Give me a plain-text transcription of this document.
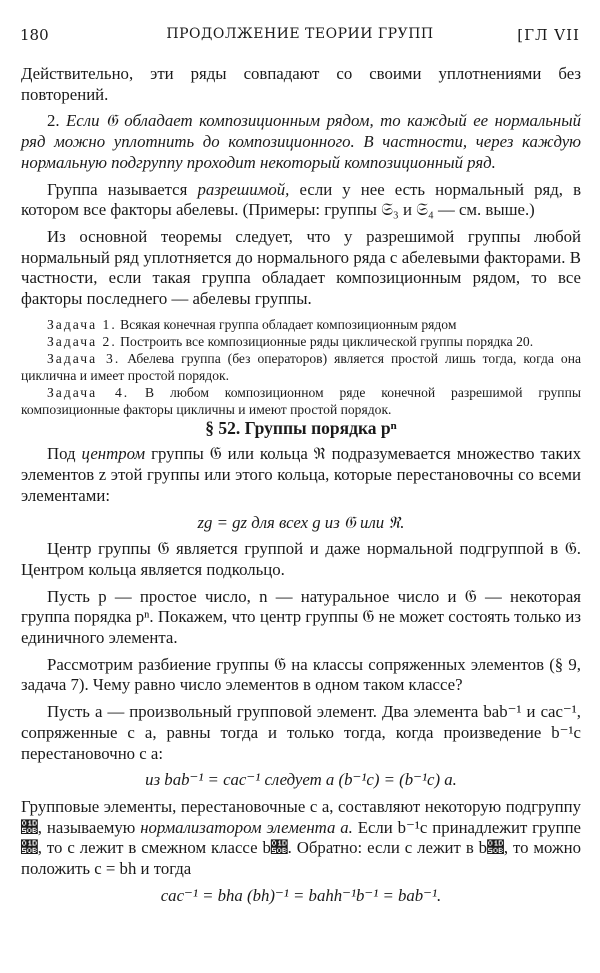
180	ПРОДОЛЖЕНИЕ ТЕОРИИ ГРУПП	[ГЛ VII

Действительно, эти ряды совпадают со своими уплотнениями без повторений.

2. Если 𝔊 обладает композиционным рядом, то каждый ее нормальный ряд можно уплотнить до композиционного. В частности, через каждую нормальную подгруппу проходит некоторый композиционный ряд.

Группа называется разрешимой, если у нее есть нормальный ряд, в котором все факторы абелевы. (Примеры: группы 𝔖₃ и 𝔖₄ — см. выше.)

Из основной теоремы следует, что у разрешимой группы любой нормальный ряд уплотняется до нормального ряда с абелевыми факторами. В частности, если такая группа обладает композиционным рядом, то все факторы последнего — абелевы группы.

Задача 1. Всякая конечная группа обладает композиционным рядом

Задача 2. Построить все композиционные ряды циклической группы порядка 20.

Задача 3. Абелева группа (без операторов) является простой лишь тогда, когда она циклична и имеет простой порядок.

Задача 4. В любом композиционном ряде конечной разрешимой группы композиционные факторы цикличны и имеют простой порядок.

§ 52. Группы порядка pⁿ

Под центром группы 𝔊 или кольца ℜ подразумевается множество таких элементов z этой группы или этого кольца, которые перестановочны со всеми элементами:

zg = gz для всех g из 𝔊 или ℜ.

Центр группы 𝔊 является группой и даже нормальной подгруппой в 𝔊. Центром кольца является подкольцо.

Пусть p — простое число, n — натуральное число и 𝔊 — некоторая группа порядка pⁿ. Покажем, что центр группы 𝔊 не может состоять только из единичного элемента.

Рассмотрим разбиение группы 𝔊 на классы сопряженных элементов (§ 9, задача 7). Чему равно число элементов в одном таком классе?

Пусть a — произвольный групповой элемент. Два элемента bab⁻¹ и cac⁻¹, сопряженные с a, равны тогда и только тогда, когда произведение b⁻¹c перестановочно с a:

из bab⁻¹ = cac⁻¹ следует a (b⁻¹c) = (b⁻¹c) a.

Групповые элементы, перестановочные с a, составляют некоторую подгруппу 𝔋, называемую нормализатором элемента a. Если b⁻¹c принадлежит группе 𝔋, то c лежит в смежном классе b𝔋. Обратно: если c лежит в b𝔋, то можно положить c = bh и тогда

cac⁻¹ = bha (bh)⁻¹ = bahh⁻¹b⁻¹ = bab⁻¹.
